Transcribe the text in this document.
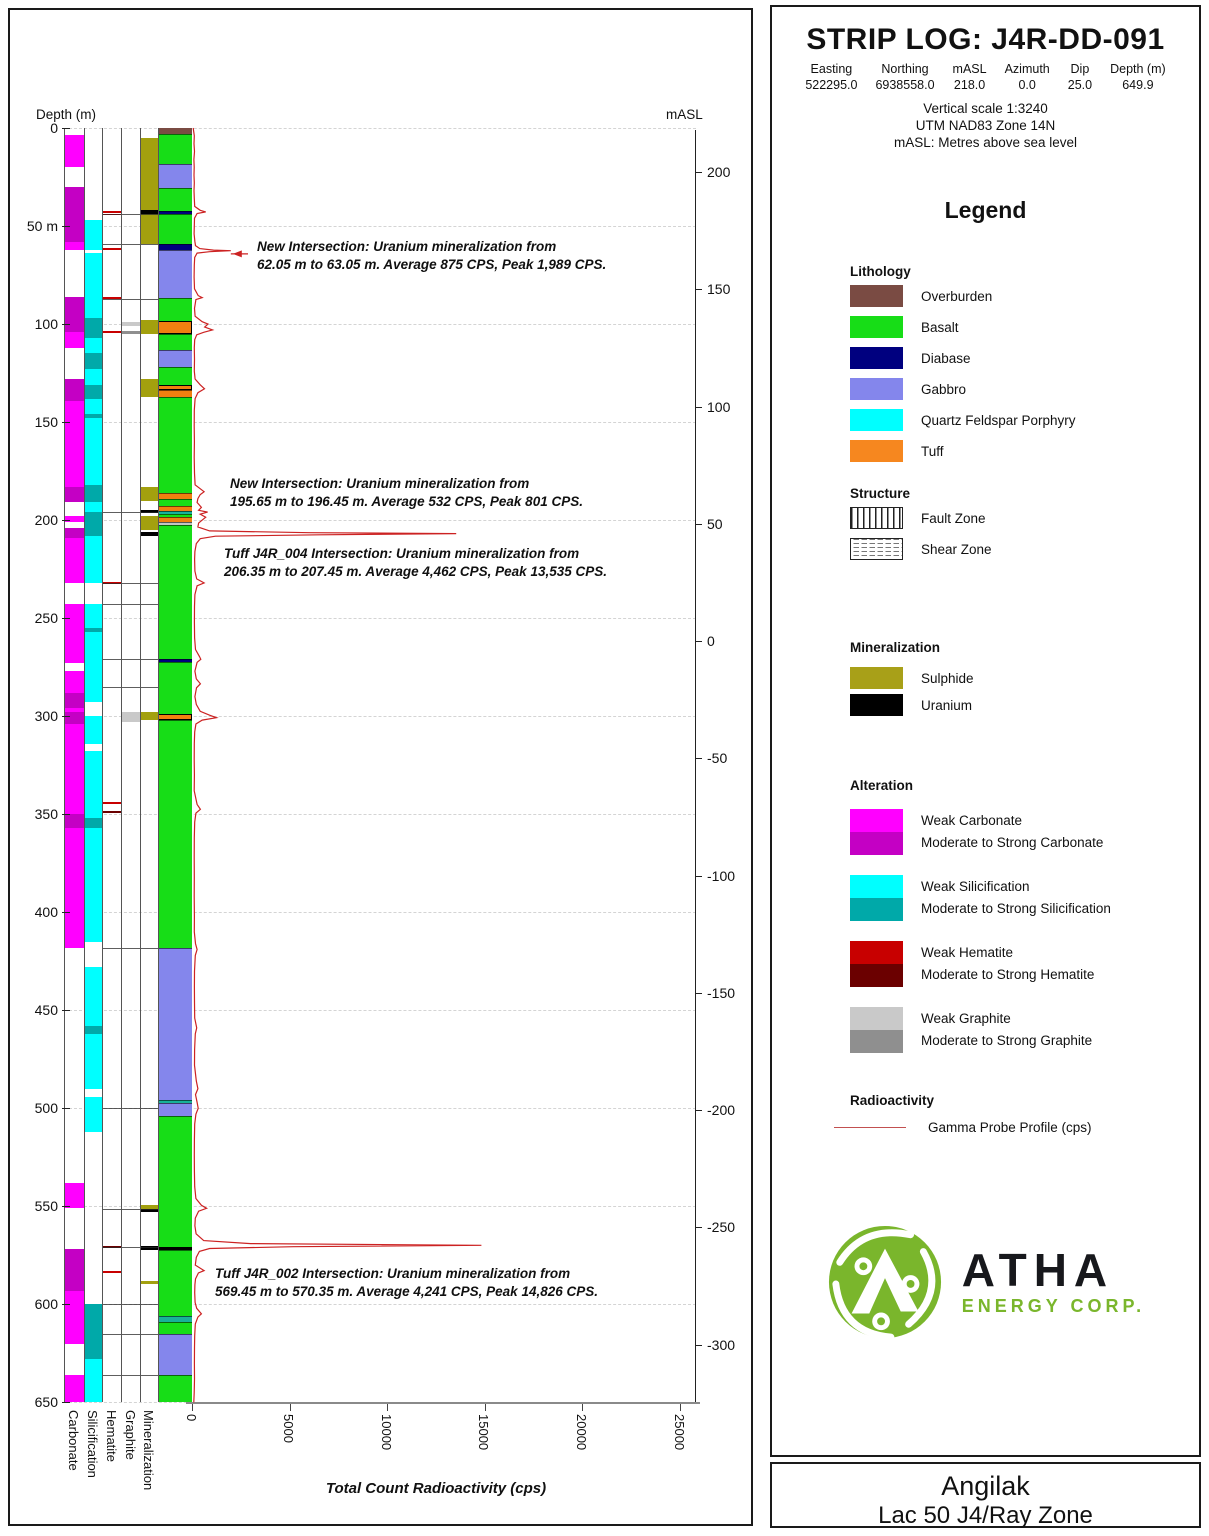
Depth (m)	mASL
0
50 m
100
150
200
250
300
350
400
450
500
550
600
650
200
150
100
50
0
-50
-100
-150
-200
-250
-300
0	5000	10000	15000	20000	25000
Total Count Radioactivity (cps)
Carbonate Silicification Hematite Graphite Mineralization
New Intersection: Uranium mineralization from
62.05 m to 63.05 m. Average 875 CPS, Peak 1,989 CPS.
New Intersection: Uranium mineralization from
195.65 m to 196.45 m. Average 532 CPS, Peak 801 CPS.
Tuff J4R_004 Intersection: Uranium mineralization from
206.35 m to 207.45 m. Average 4,462 CPS, Peak 13,535 CPS.
Tuff J4R_002 Intersection: Uranium mineralization from
569.45 m to 570.35 m. Average 4,241 CPS, Peak 14,826 CPS.
STRIP LOG: J4R-DD-091
Easting
522295.0
Northing
6938558.0
mASL
218.0
Azimuth
0.0
Dip
25.0
Depth (m)
649.9
Vertical scale 1:3240
UTM NAD83 Zone 14N
mASL: Metres above sea level
Legend
Lithology
Overburden
Basalt
Diabase
Gabbro
Quartz Feldspar Porphyry
Tuff
Structure
Fault Zone
Shear Zone
Mineralization
Sulphide
Uranium
Alteration
Weak Carbonate
Moderate to Strong Carbonate
Weak Silicification
Moderate to Strong Silicification
Weak Hematite
Moderate to Strong Hematite
Weak Graphite
Moderate to Strong Graphite
Radioactivity
Gamma Probe Profile (cps)
ATHA
ENERGY CORP.
Angilak
Lac 50 J4/Ray Zone
